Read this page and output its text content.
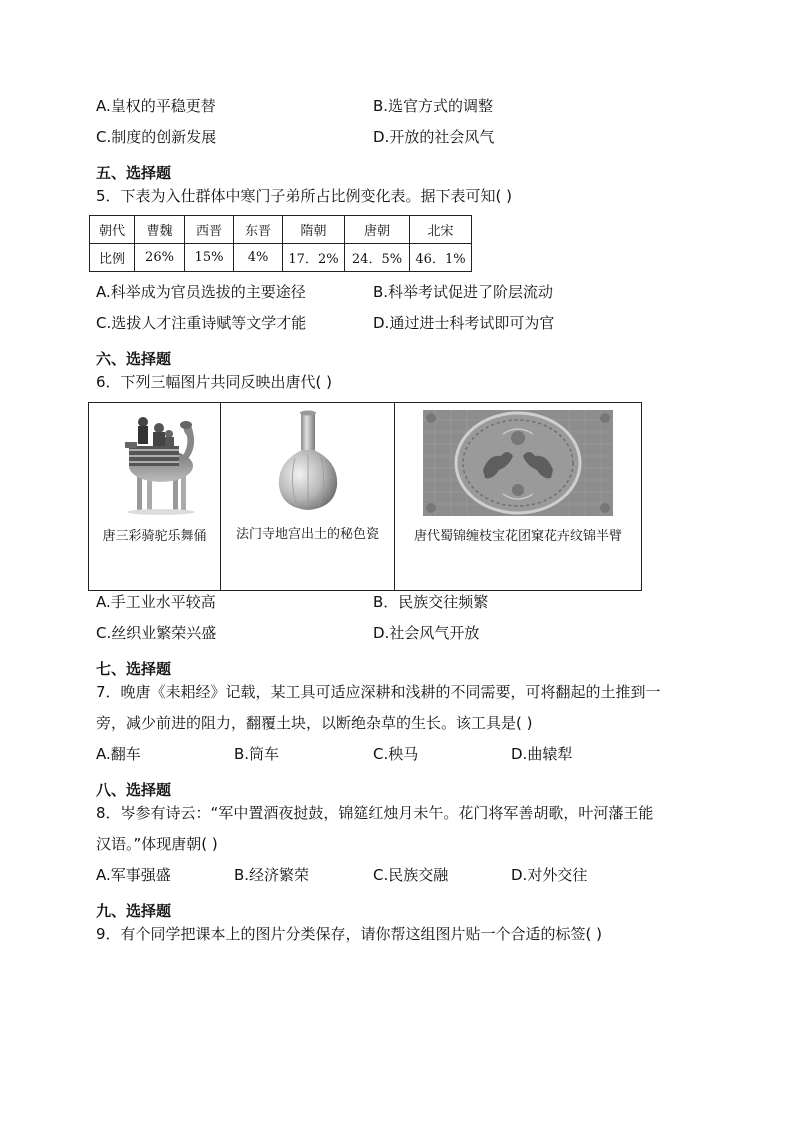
A.皇权的平稳更替	B.选官方式的调整
C.制度的创新发展	D.开放的社会风气
五、选择题
5．下表为入仕群体中寒门子弟所占比例变化表。据下表可知( )
朝代	曹魏	西晋	东晋	隋朝	唐朝	北宋
比例	26%	15%	4%	17．2%	24．5%	46．1%
A.科举成为官员选拔的主要途径	B.科举考试促进了阶层流动
C.选拔人才注重诗赋等文学才能	D.通过进士科考试即可为官
六、选择题
6．下列三幅图片共同反映出唐代( )
唐三彩骑驼乐舞俑	法门寺地宫出土的秘色瓷	唐代蜀锦缠枝宝花团窠花卉纹锦半臂
A.手工业水平较高	B．民族交往频繁
C.丝织业繁荣兴盛	D.社会风气开放
七、选择题
7．晚唐《耒耜经》记载，某工具可适应深耕和浅耕的不同需要，可将翻起的土推到一
旁，减少前进的阻力，翻覆土块，以断绝杂草的生长。该工具是( )
A.翻车	B.筒车	C.秧马	D.曲辕犁
八、选择题
8．岑参有诗云：“军中置酒夜挝鼓，锦筵红烛月未午。花门将军善胡歌，叶河藩王能
汉语。”体现唐朝( )
A.军事强盛	B.经济繁荣	C.民族交融	D.对外交往
九、选择题
9．有个同学把课本上的图片分类保存，请你帮这组图片贴一个合适的标签( )
